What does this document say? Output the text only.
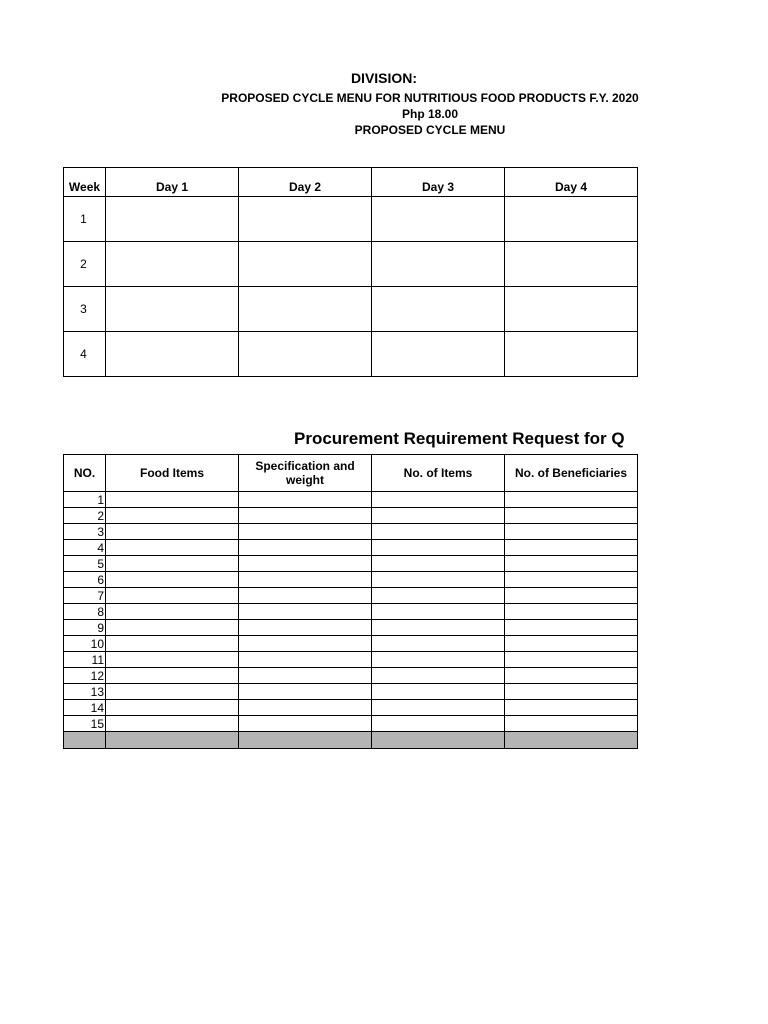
DIVISION:
PROPOSED CYCLE MENU FOR NUTRITIOUS FOOD PRODUCTS F.Y. 2020
Php 18.00
PROPOSED CYCLE MENU
Week	Day 1	Day 2	Day 3	Day 4
1				
2				
3				
4				
Procurement Requirement Request for Q
NO.	Food Items	Specification and weight	No. of Items	No. of Beneficiaries
1				
2				
3				
4				
5				
6				
7				
8				
9				
10				
11				
12				
13				
14				
15				
